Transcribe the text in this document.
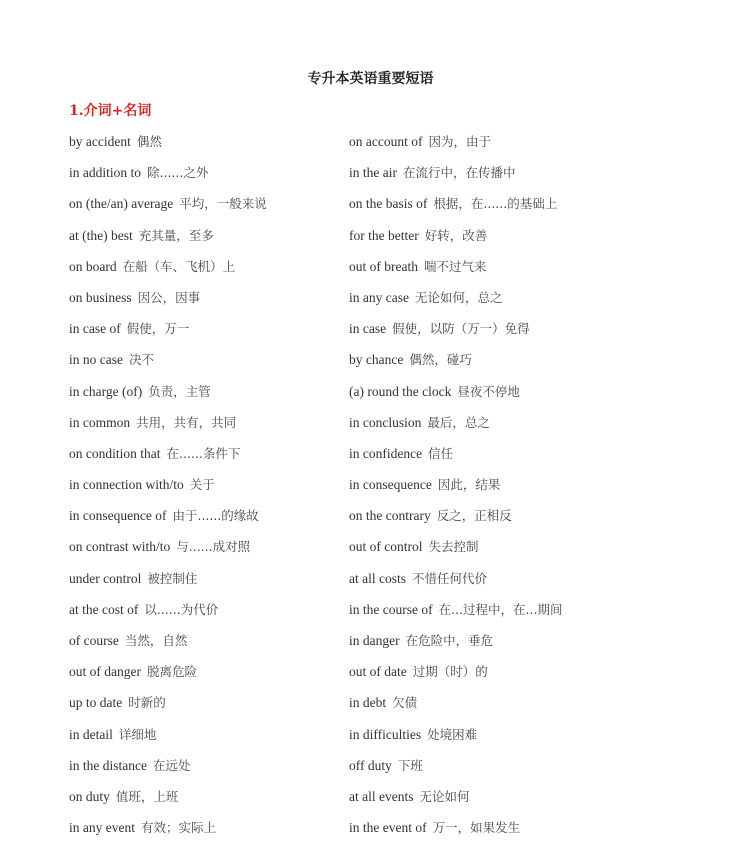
专升本英语重要短语
1.介词+名词
by accident 偶然
in addition to 除......之外
on (the/an) average 平均，一般来说
at (the) best 充其量，至多
on board 在船（车、飞机）上
on business 因公，因事
in case of 假使，万一
in no case 决不
in charge (of) 负责，主管
in common 共用，共有，共同
on condition that 在......条件下
in connection with/to 关于
in consequence of 由于......的缘故
on contrast with/to 与......成对照
under control 被控制住
at the cost of 以......为代价
of course 当然，自然
out of danger 脱离危险
up to date 时新的
in detail 详细地
in the distance 在远处
on duty 值班，上班
in any event 有效；实际上
on account of 因为，由于
in the air 在流行中，在传播中
on the basis of 根据，在......的基础上
for the better 好转，改善
out of breath 喘不过气来
in any case 无论如何，总之
in case 假使，以防（万一）免得
by chance 偶然，碰巧
(a) round the clock 昼夜不停地
in conclusion 最后，总之
in confidence 信任
in consequence 因此，结果
on the contrary 反之，正相反
out of control 失去控制
at all costs 不惜任何代价
in the course of 在...过程中，在...期间
in danger 在危险中，垂危
out of date 过期（时）的
in debt 欠债
in difficulties 处境困难
off duty 下班
at all events 无论如何
in the event of 万一，如果发生
